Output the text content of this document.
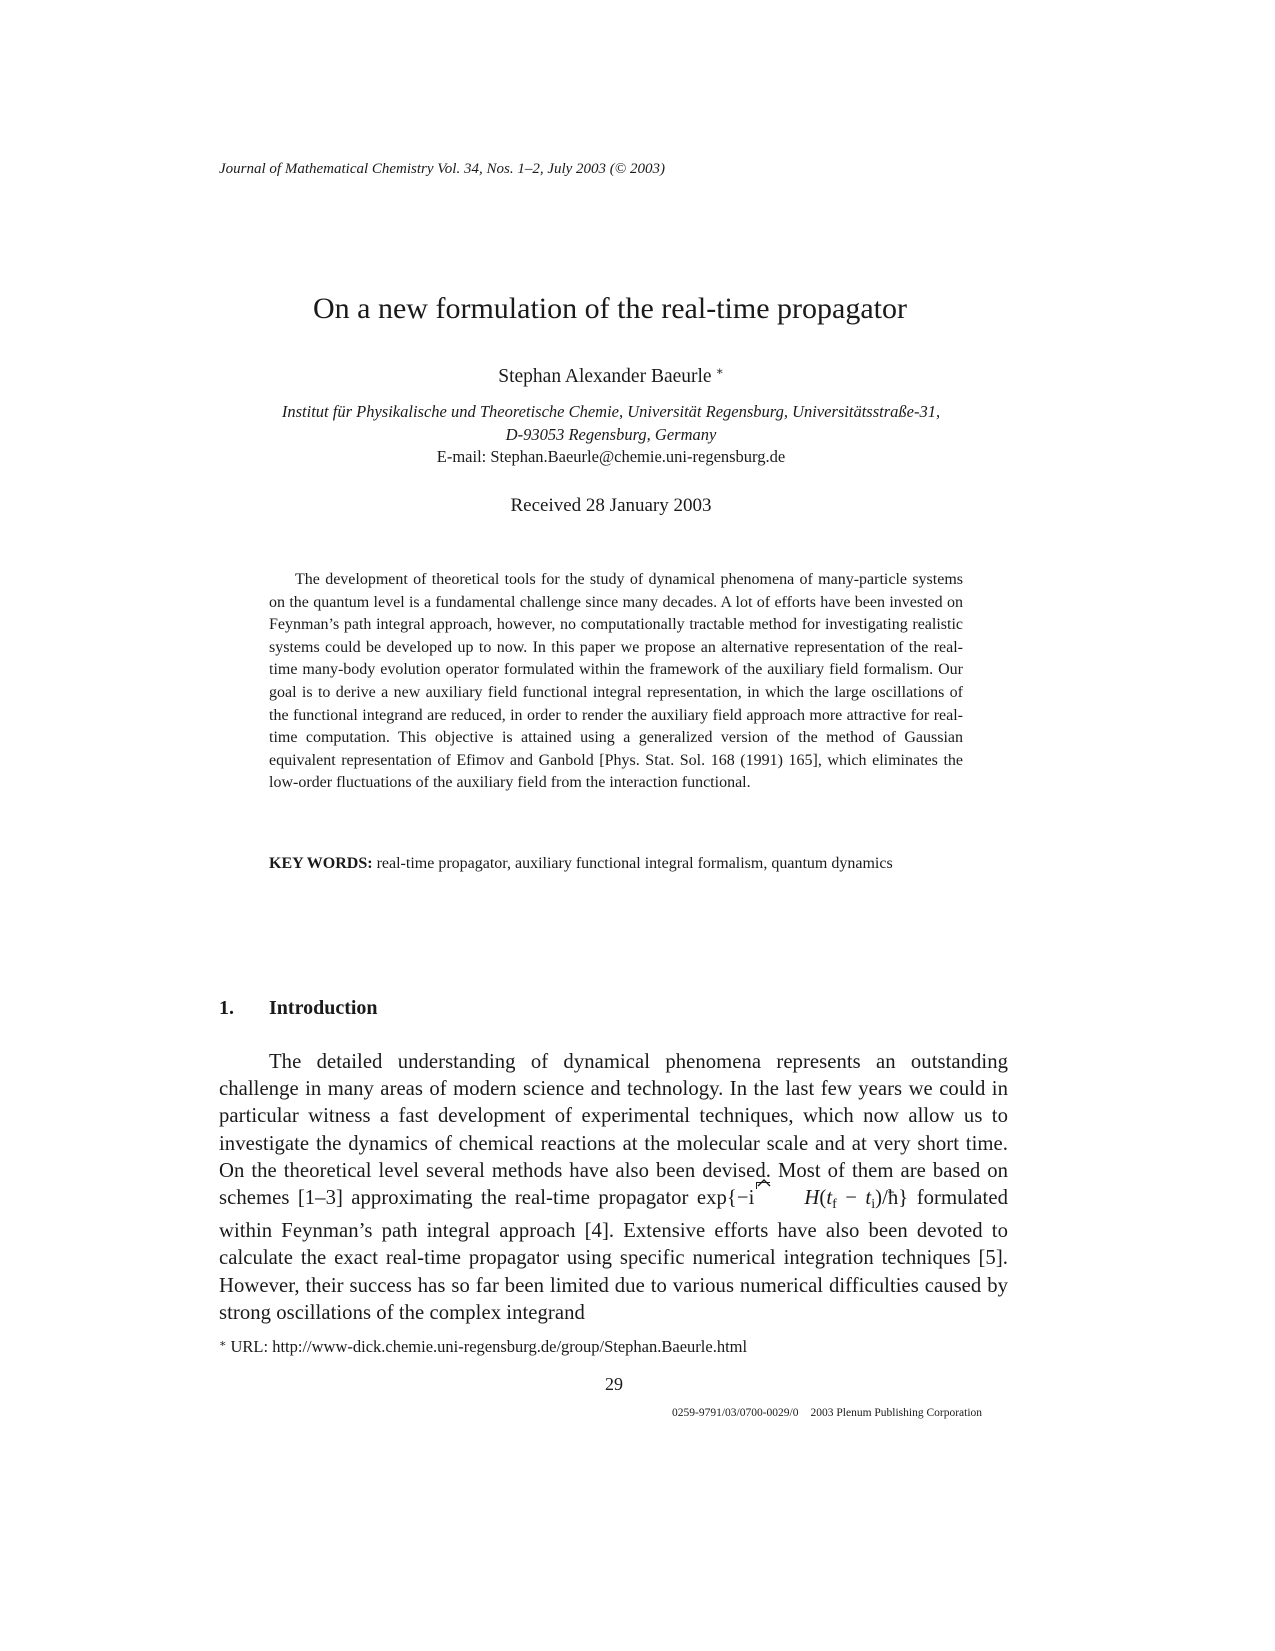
Journal of Mathematical Chemistry Vol. 34, Nos. 1–2, July 2003 (© 2003)
On a new formulation of the real-time propagator
Stephan Alexander Baeurle ∗
Institut für Physikalische und Theoretische Chemie, Universität Regensburg, Universitätsstraße-31,
D-93053 Regensburg, Germany
E-mail: Stephan.Baeurle@chemie.uni-regensburg.de
Received 28 January 2003

The development of theoretical tools for the study of dynamical phenomena of many-particle systems on the quantum level is a fundamental challenge since many decades. A lot of efforts have been invested on Feynman’s path integral approach, however, no computationally tractable method for investigating realistic systems could be developed up to now. In this paper we propose an alternative representation of the real-time many-body evolution operator formulated within the framework of the auxiliary field formalism. Our goal is to derive a new auxiliary field functional integral representation, in which the large oscillations of the functional integrand are reduced, in order to render the auxiliary field approach more attractive for real-time computation. This objective is attained using a generalized version of the method of Gaussian equivalent representation of Efimov and Ganbold [Phys. Stat. Sol. 168 (1991) 165], which eliminates the low-order fluctuations of the auxiliary field from the interaction functional.

KEY WORDS: real-time propagator, auxiliary functional integral formalism, quantum dynamics

1. Introduction

The detailed understanding of dynamical phenomena represents an outstanding challenge in many areas of modern science and technology. In the last few years we could in particular witness a fast development of experimental techniques, which now allow us to investigate the dynamics of chemical reactions at the molecular scale and at very short time. On the theoretical level several methods have also been devised. Most of them are based on schemes [1–3] approximating the real-time propagator exp{−i $H(t_f$ − $t_i)/ħ$} formulated within Feynman’s path integral approach [4]. Extensive efforts have also been devoted to calculate the exact real-time propagator using specific numerical integration techniques [5]. However, their success has so far been limited due to various numerical difficulties caused by strong oscillations of the complex integrand

∗ URL: http://www-dick.chemie.uni-regensburg.de/group/Stephan.Baeurle.html
29
0259-9791/03/0700-0029/0 2003 Plenum Publishing Corporation
